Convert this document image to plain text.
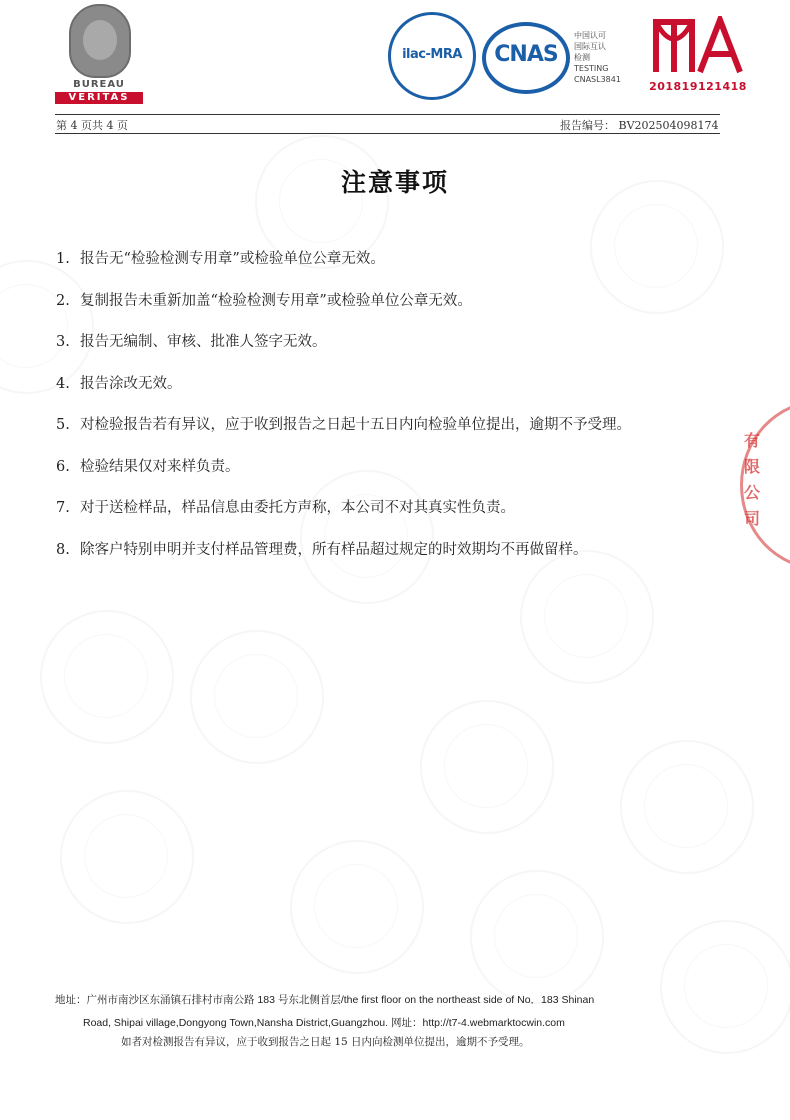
BUREAU
VERITAS
ilac-MRA	CNAS
中国认可
国际互认
检测
TESTING
CNASL3841
201819121418
第 4 页共 4 页	报告编号： BV202504098174
注意事项
1. 报告无“检验检测专用章”或检验单位公章无效。
2. 复制报告未重新加盖“检验检测专用章”或检验单位公章无效。
3. 报告无编制、审核、批准人签字无效。
4. 报告涂改无效。
5. 对检验报告若有异议，应于收到报告之日起十五日内向检验单位提出，逾期不予受理。
6. 检验结果仅对来样负责。
7. 对于送检样品，样品信息由委托方声称，本公司不对其真实性负责。
8. 除客户特别申明并支付样品管理费，所有样品超过规定的时效期均不再做留样。
有限公司
地址：广州市南沙区东涌镇石排村市南公路 183 号东北侧首层/the first floor on the northeast side of No．183 Shinan
Road, Shipai village,Dongyong Town,Nansha District,Guangzhou. 网址：http://t7-4.webmarktocwin.com
如者对检测报告有异议，应于收到报告之日起 15 日内向检测单位提出，逾期不予受理。
